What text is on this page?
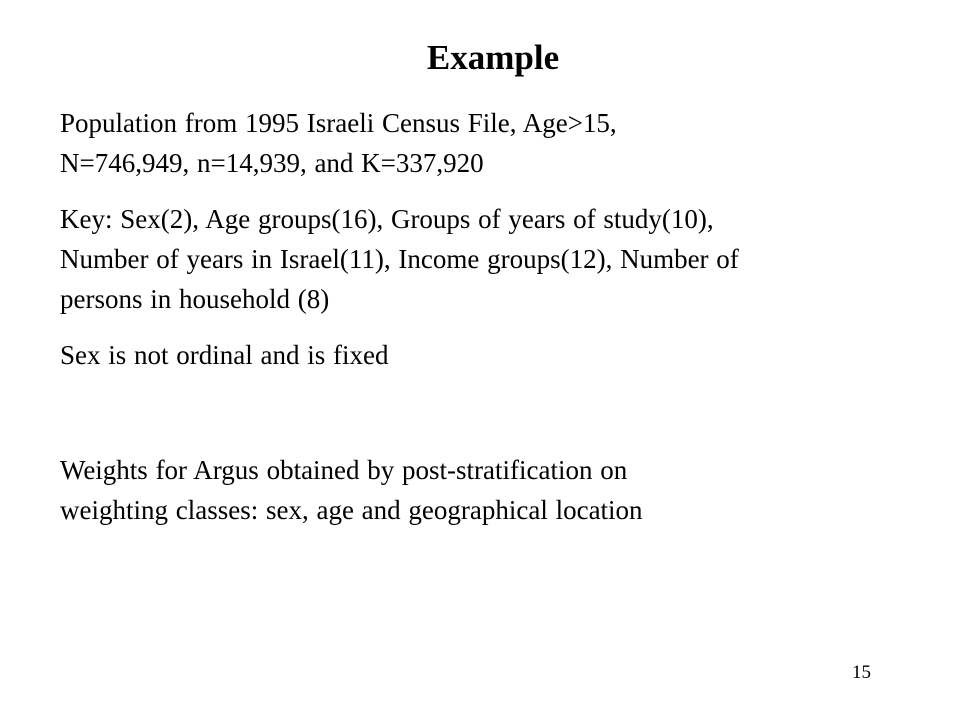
Example

Population from 1995 Israeli Census File, Age>15,
N=746,949, n=14,939, and K=337,920

Key: Sex(2), Age groups(16), Groups of years of study(10),
Number of years in Israel(11), Income groups(12), Number of
persons in household (8)

Sex is not ordinal and is fixed

Weights for Argus obtained by post-stratification on
weighting classes: sex, age and geographical location

15
